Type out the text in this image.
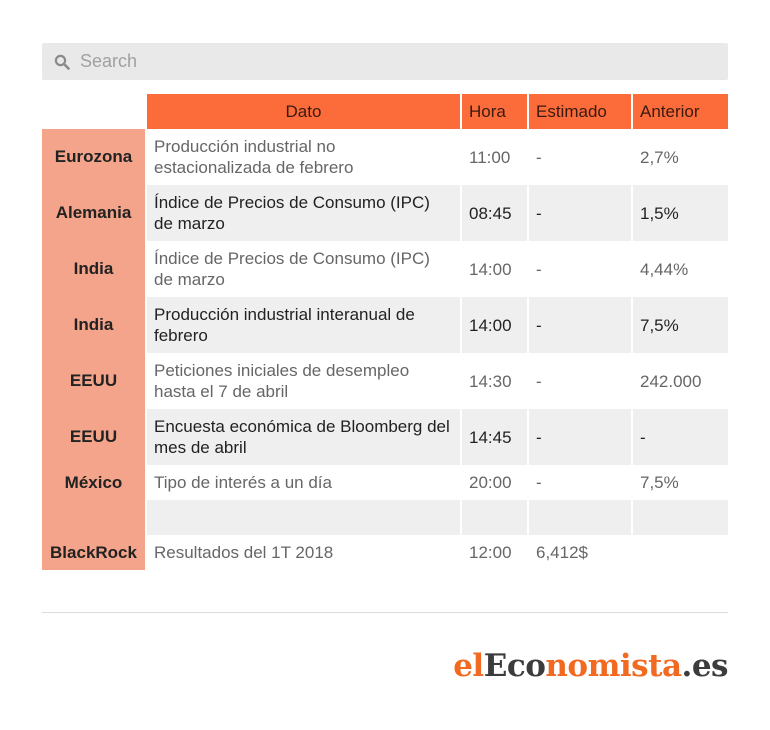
Search
	Dato	Hora	Estimado	Anterior
Eurozona	Producción industrial no estacionalizada de febrero	11:00	-	2,7%
Alemania	Índice de Precios de Consumo (IPC) de marzo	08:45	-	1,5%
India	Índice de Precios de Consumo (IPC) de marzo	14:00	-	4,44%
India	Producción industrial interanual de febrero	14:00	-	7,5%
EEUU	Peticiones iniciales de desempleo hasta el 7 de abril	14:30	-	242.000
EEUU	Encuesta económica de Bloomberg del mes de abril	14:45	-	-
México	Tipo de interés a un día	20:00	-	7,5%

BlackRock	Resultados del 1T 2018	12:00	6,412$	
elEconomista.es
